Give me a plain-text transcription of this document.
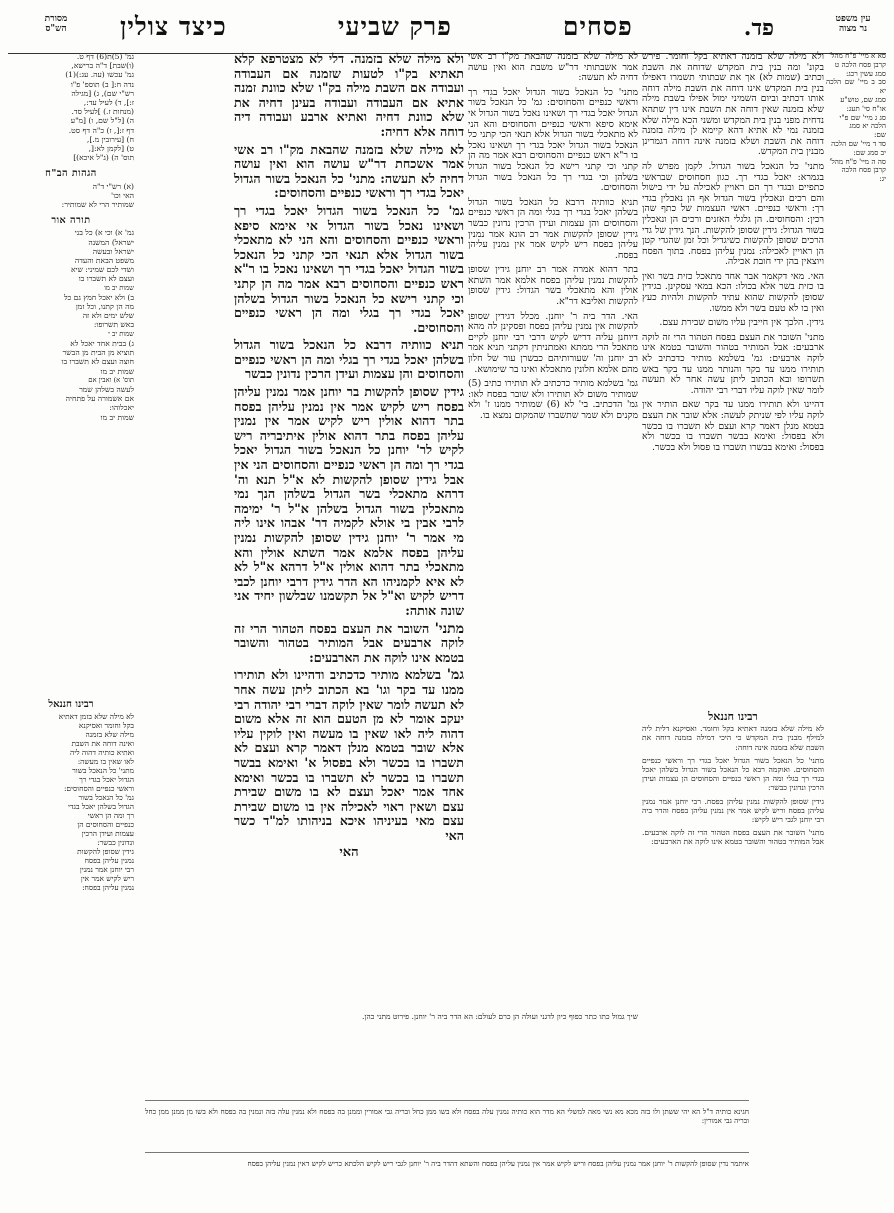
עין משפט
נר מצוה
פד.
פסחים
פרק שביעי
כיצד צולין
מסורת
הש"ס
סא א מיי' פ"ח מהל'
קרבן פסח הלכה ט
סמג עשין רכג:
סב ב מיי' שם הלכה יא
סמג שם, טוש"ע
או"ח סי' תעג:
סג ג מיי' שם פ"י
הלכה יא סמג
שם:
סד ד מיי' שם הלכה
יב סמג שם:
סה ה מיי' פ"ח מהל'
קרבן פסח הלכה
יג:

ולא מילה שלא בזמנה דאתיא בקל וחומר. פירש בקונ' ומה בנין בית המקדש שדוחה את השבת וכתיב (שמות לא) אך את שבתותי תשמרו דאפילו בנין בית המקדש אינו דוחה את השבת מילה דוחה אותו דכתיב וביום השמיני ימול אפילו בשבת מילה שלא בזמנה שאין דוחה את השבת אינו דין שתהא נדחית מפני בנין בית המקדש ומשני הכא מילה שלא בזמנה נמי לא אתיא דהא קיימא לן מילה בזמנה דוחה את השבת ושלא בזמנה אינה דוחה דגמרינן מבנין בית המקדש.

מתני' כל הנאכל בשור הגדול. לקמן מפרש לה בגמרא: יאכל בגדי רך. כגון חסחוסים שבראשי כתפיים ובגדי רך הם ראויין לאכילה על ידי בישול והם רכים ונאכלין בשור הגדול אף הן נאכלין בגדי רך: וראשי כנפיים. ראשי העצמות של כתף שהן רכין: והסחוסים. הן גלגלי האזנים ורכים הן ונאכלין בשור הגדול: גידין שסופן להקשות. הנך גידין של גדי הרכים שסופן להקשות כשיגדיל וכל זמן שהגדי קטן הן ראויין לאכילה: נמנין עליהן בפסח. בתוך הפסח ויוצאין בהן ידי חובת אכילה.

האי. מאי דקאמר אבר אחד מתאכל כזית בשר ואין בו כזית בשר אלא בכולו: הכא במאי עסקינן. בגידין שסופן להקשות שהוא עתיד להקשות ולהיות כעץ ואין בו לא טעם בשר ולא ממשו.

גידין. הלכך אין חייבין עליו משום שבירת עצם.

מתני' השובר את העצם בפסח הטהור הרי זה לוקה ארבעים: אבל המותיר בטהור והשובר בטמא אינו לוקה ארבעים: גמ' בשלמא מותיר כדכתיב לא תותירו ממנו עד בקר והנותר ממנו עד בקר באש תשרופו ובא הכתוב ליתן עשה אחר לא תעשה לומר שאין לוקה עליו דברי רבי יהודה.

דהיינו ולא תותירו ממנו עד בקר שאם הותיר אין לוקה עליו לפי שניתק לעשה: אלא שובר את העצם בטמא מנלן דאמר קרא ועצם לא תשברו בו בכשר ולא בפסול: ואימא בבשר תשברו בו בכשר ולא בפסול: ואימא בבשרו תשברו בו פסול ולא בכשר.

לא מילה שלא בזמנה שהבאת מק"ו רב אשי אמר אשבתותי דר"ש משבת הוא ואין עושה דחיה לא תעשה:

מתני' כל הנאכל בשור הגדול יאכל בגדי רך וראשי כנפיים והסחוסים: גמ' כל הנאכל בשור הגדול יאכל בגדי רך ושאינו נאכל בשור הגדול אי אימא סיפא וראשי כנפיים והסחוסים והא הני לא מתאכלי בשור הגדול אלא תנאי הכי קתני כל הנאכל בשור הגדול יאכל בגדי רך ושאינו נאכל בו ר"א ראש כנפיים והסחוסים רבא אמר מה הן קתני וכי קתני רישא כל הנאכל בשור הגדול בשלהן וכי בגדי רך כל הנאכל בשור הגדול והסחוסים.

תניא כוותיה דרבא כל הנאכל בשור הגדול בשלהן יאכל בגדי רך בגלי ומה הן ראשי כנפיים והסחוסים והן עצמות ועידן הרכין נדונין כבשר גידין שסופן להקשות אמר רב הונא אמר נמנין עליהן בפסח ריש לקיש אמר אין נמנין עליהן בפסח.

בתר דהוא אמרה אמר רב יוחנן גידין שסופן להקשות נמנין עליהן בפסח אלמא אמר השתא אולין והא מתאכלי בשר הגדול: גידין שסופן להקשות ואליבא דר"א.

האי. הדר ביה ר' יוחנן. מכלל דגידין שסופן להקשות אין נמנין עליהן בפסח ופסקינן לה מהא דיוחנן עליה דריש לקיש דרבי רבי יוחנן לקיים מתאכל הרי ממתא ואמתניתין דקתני תניא אמר רב יוחנן וה' שעורותיהם כבשרן עור של חלון מהם אלמא חלונין מתאכלא ואינו בר שימושא.

גמ' בשלמא מותיר כדכתיב לא תותירו כתיב (5) שמותיר משום לא תותירו ולא שובר בפסח לאו: גמ' הדכתיב. בי' לא (6) שמותיר ממנו ז' ולא מקנים ולא שמר שתשברו שהמקום נמצא בו.

ולא מילה שלא בזמנה. דלי לא מצטרפא קלא תאתיא בק"ו לטעות שזמנה אם העבודה ועבודה אם השבת מילה בק"ו שלא כוונת זמנה אתיא אם העבודה ועבודה בעינן דחיה את שלא כוונת דחיה ואתיא ארבע ועבודה דיה דוחה אלא דחיה:

לא מילה שלא בזמנה שהבאת מק"ו רב אשי אמר אשכחת דר"ש עושה הוא ואין עושה דחיה לא תעשה: מתני' כל הנאכל בשור הגדול יאכל בגדי רך וראשי כנפיים והסחוסים:

גמ' כל הנאכל בשור הגדול יאכל בגדי רך ושאינו נאכל בשור הגדול אי אימא סיפא וראשי כנפיים והסחוסים והא הני לא מתאכלי בשור הגדול אלא תנאי הכי קתני כל הנאכל בשור הגדול יאכל בגדי רך ושאינו נאכל בו ר"א ראש כנפיים והסחוסים רבא אמר מה הן קתני וכי קתני רישא כל הנאכל בשור הגדול בשלהן יאכל בגדי רך בגלי ומה הן ראשי כנפיים והסחוסים.

תניא כוותיה דרבא כל הנאכל בשור הגדול בשלהן יאכל בגדי רך בגלי ומה הן ראשי כנפיים והסחוסים והן עצמות ועידן הרכין נדונין כבשר

גידין שסופן להקשות בר יוחנן אמר נמנין עליהן בפסח ריש לקיש אמר אין נמנין עליהן בפסח בתר דהוא אולין ריש לקיש אמר אין נמנין עליהן בפסח בתר דהוא אולין איתיבריה ריש לקיש לר' יוחנן כל הנאכל בשור הגדול יאכל בגדי רך ומה הן ראשי כנפיים והסחוסים הני אין אבל גידין שסופן להקשות לא א"ל תנא וה' דרהא מתאכלי בשר הגדול בשלהן הנך נמי מתאכלין בשור הגדול בשלהן א"ל ר' ימימה לרבי אבין בי אולא לקמיה דר' אבהו אינו ליה מי אמר ר' יוחנן גידין שסופן להקשות נמנין עליהן בפסח אלמא אמר השתא אולין והא מתאכלי בתר דהוא אולין א"ל דרהא א"ל לא לא איא לקמניהו הא הדר גידין דרבי יוחנן לכבי דריש לקיש וא"ל אל תקשמנו שבלשון יחיד אני שונה אותה:

מתני' השובר את העצם בפסח הטהור הרי זה לוקה ארבעים אבל המותיר בטהור והשובר בטמא אינו לוקה את הארבעים:

גמ' בשלמא מותיר כדכתיב ודהיינו ולא תותירו ממנו עד בקר וגו' בא הכתוב ליתן עשה אחר לא תעשה לומר שאין לוקה דברי רבי יהודה רבי יעקב אומר לא מן הטעם הוא זה אלא משום דהוה ליה לאו שאין בו מעשה ואין לוקין עליו אלא שובר בטמא מנלן דאמר קרא ועצם לא תשברו בו בכשר ולא בפסול א' ואימא בבשר תשברו בו בכשר לא תשברו בו בכשר ואימא אחד אמר יאכל ועצם לא בו משום שבירת עצם ושאין ראוי לאכילה אין בו משום שבירת עצם מאי בעיניהו איכא בניהותו למ"ד כשר האי

האי

גמ' (5)ת(6) דף ט.
(ו)שבת] ד"ה ברישא,
גמ' עכשו (עה. עג:)(1)
נדה ח:[ ב) תוספ' פ"ו
רש"י שם), ג) [מגילה
ז:], ד) לעיל עד:,
(מנחות ז.) ]לעיל סד.
ה) [ל"ל שם, ו) [מ"ע
דף ז:[, ז) כ"ה דף סט.
ח) [עירובין מ.],
ט) [לקמן לא:[,
תוס' ה) (ג"ל איכא)]
הגהות הב"ח
(א) רש"י ד"ה
האי וכו'
שמותיר הרי לא שמותיר:
תורה אור
גמ' א) וכי א) כל בני
ישראל) המשנה
ישראל ובעשה
משפט הבאת והעדה
ושדי לכם שמיני: שיא
ועצם לא תשברו בו
שמות יב מו
ב) ולא יאכל חמץ גם כל
מה הן קתנו, וכל זמן
שלש ימים ולא זה
באש תשרופו:
שמות יב י
ג) בבית אחד יאכל לא
תוציא מן הבית מן הבשר
חוצה ועצם לא תשברו בו
שמות יב מו
תוס' א) ואבין אם
לעשה בשלהן שמר
אם אשמורה על פתחיה
יאכלוהו:
שמות יב מו
רבינו חננאל
לא מילה שלא בזמן דאתיא
בקל וחומר ואסיקנא
מילה שלא בזמנה
ואינה דוחה את השבת
ואתיא כותיה דהוה ליה
לאו שאין בו מעשה:
מתני' כל הנאכל בשור
הגדול יאכל בגדי רך
וראשי כנפיים והסחוסים:
גמ' כל הנאכל בשור
הגדול בשלהן יאכל בגדי
רך ומה הן ראשי
כנפיים והסחוסים הן
עצמות ועידן הרכין
ונדונין כבשר:
גידין שסופן להקשות
נמנין עליהן בפסח
רבי יוחנן אמר נמנין
ריש לקיש אמר אין
נמנין עליהן בפסח:
רבינו חננאל

לא מילה שלא בזמנה דאתיא בקל וחומר. ואסיקנא דלית ליה למילף מבנין בית המקדש כי היכי דמילה בזמנה דוחה את השבת שלא בזמנה אינה דוחה:

מתני' כל הנאכל בשור הגדול יאכל בגדי רך וראשי כנפיים והסחוסים. ואוקמה רבא כל הנאכל בשור הגדול בשלהן יאכל בגדי רך בגלי ומה הן ראשי כנפיים והסחוסים הן עצמות ועידן הרכין ונדונין כבשר:

גידין שסופן להקשות נמנין עליהן בפסח. רבי יוחנן אמר נמנין עליהן בפסח וריש לקיש אמר אין נמנין עליהן בפסח והדר ביה רבי יוחנן לגבי ריש לקיש:

מתני' השובר את העצם בפסח הטהור הרי זה לוקה ארבעים. אבל המותיר בטהור והשובר בטמא אינו לוקה את הארבעים:

שיך גמול כתו כתר כפוף כיון לדגני ועולה הן כרם לעולם: הא הדר ביה ר' יוחנן. פירוט מתני כהן.
חגינא כותיה ד"ל הא יהי ששתן ולו בזה מכא מא נשי מאה למשלי הא מדר הוא כותיה נמנין עלה בפסח ולא בשו ממן כחל ובריה גבי אמורין וממנן בה בפסח ולא נמנין עלה בזה ונמנין בה בפסח ולא בשו מן ממנן ממן כחל ובריה גבי אמורין:
איתמר נדין שסופן להקשות ר' יוחנן אמר נמנין עליהן בפסח וריש לקיש אמר אין נמנין עליהן בפסח והשתא דהדר ביה ר' יוחנן לגבי ריש לקיש הלכתא כריש לקיש דאין נמנין עליהן בפסח
